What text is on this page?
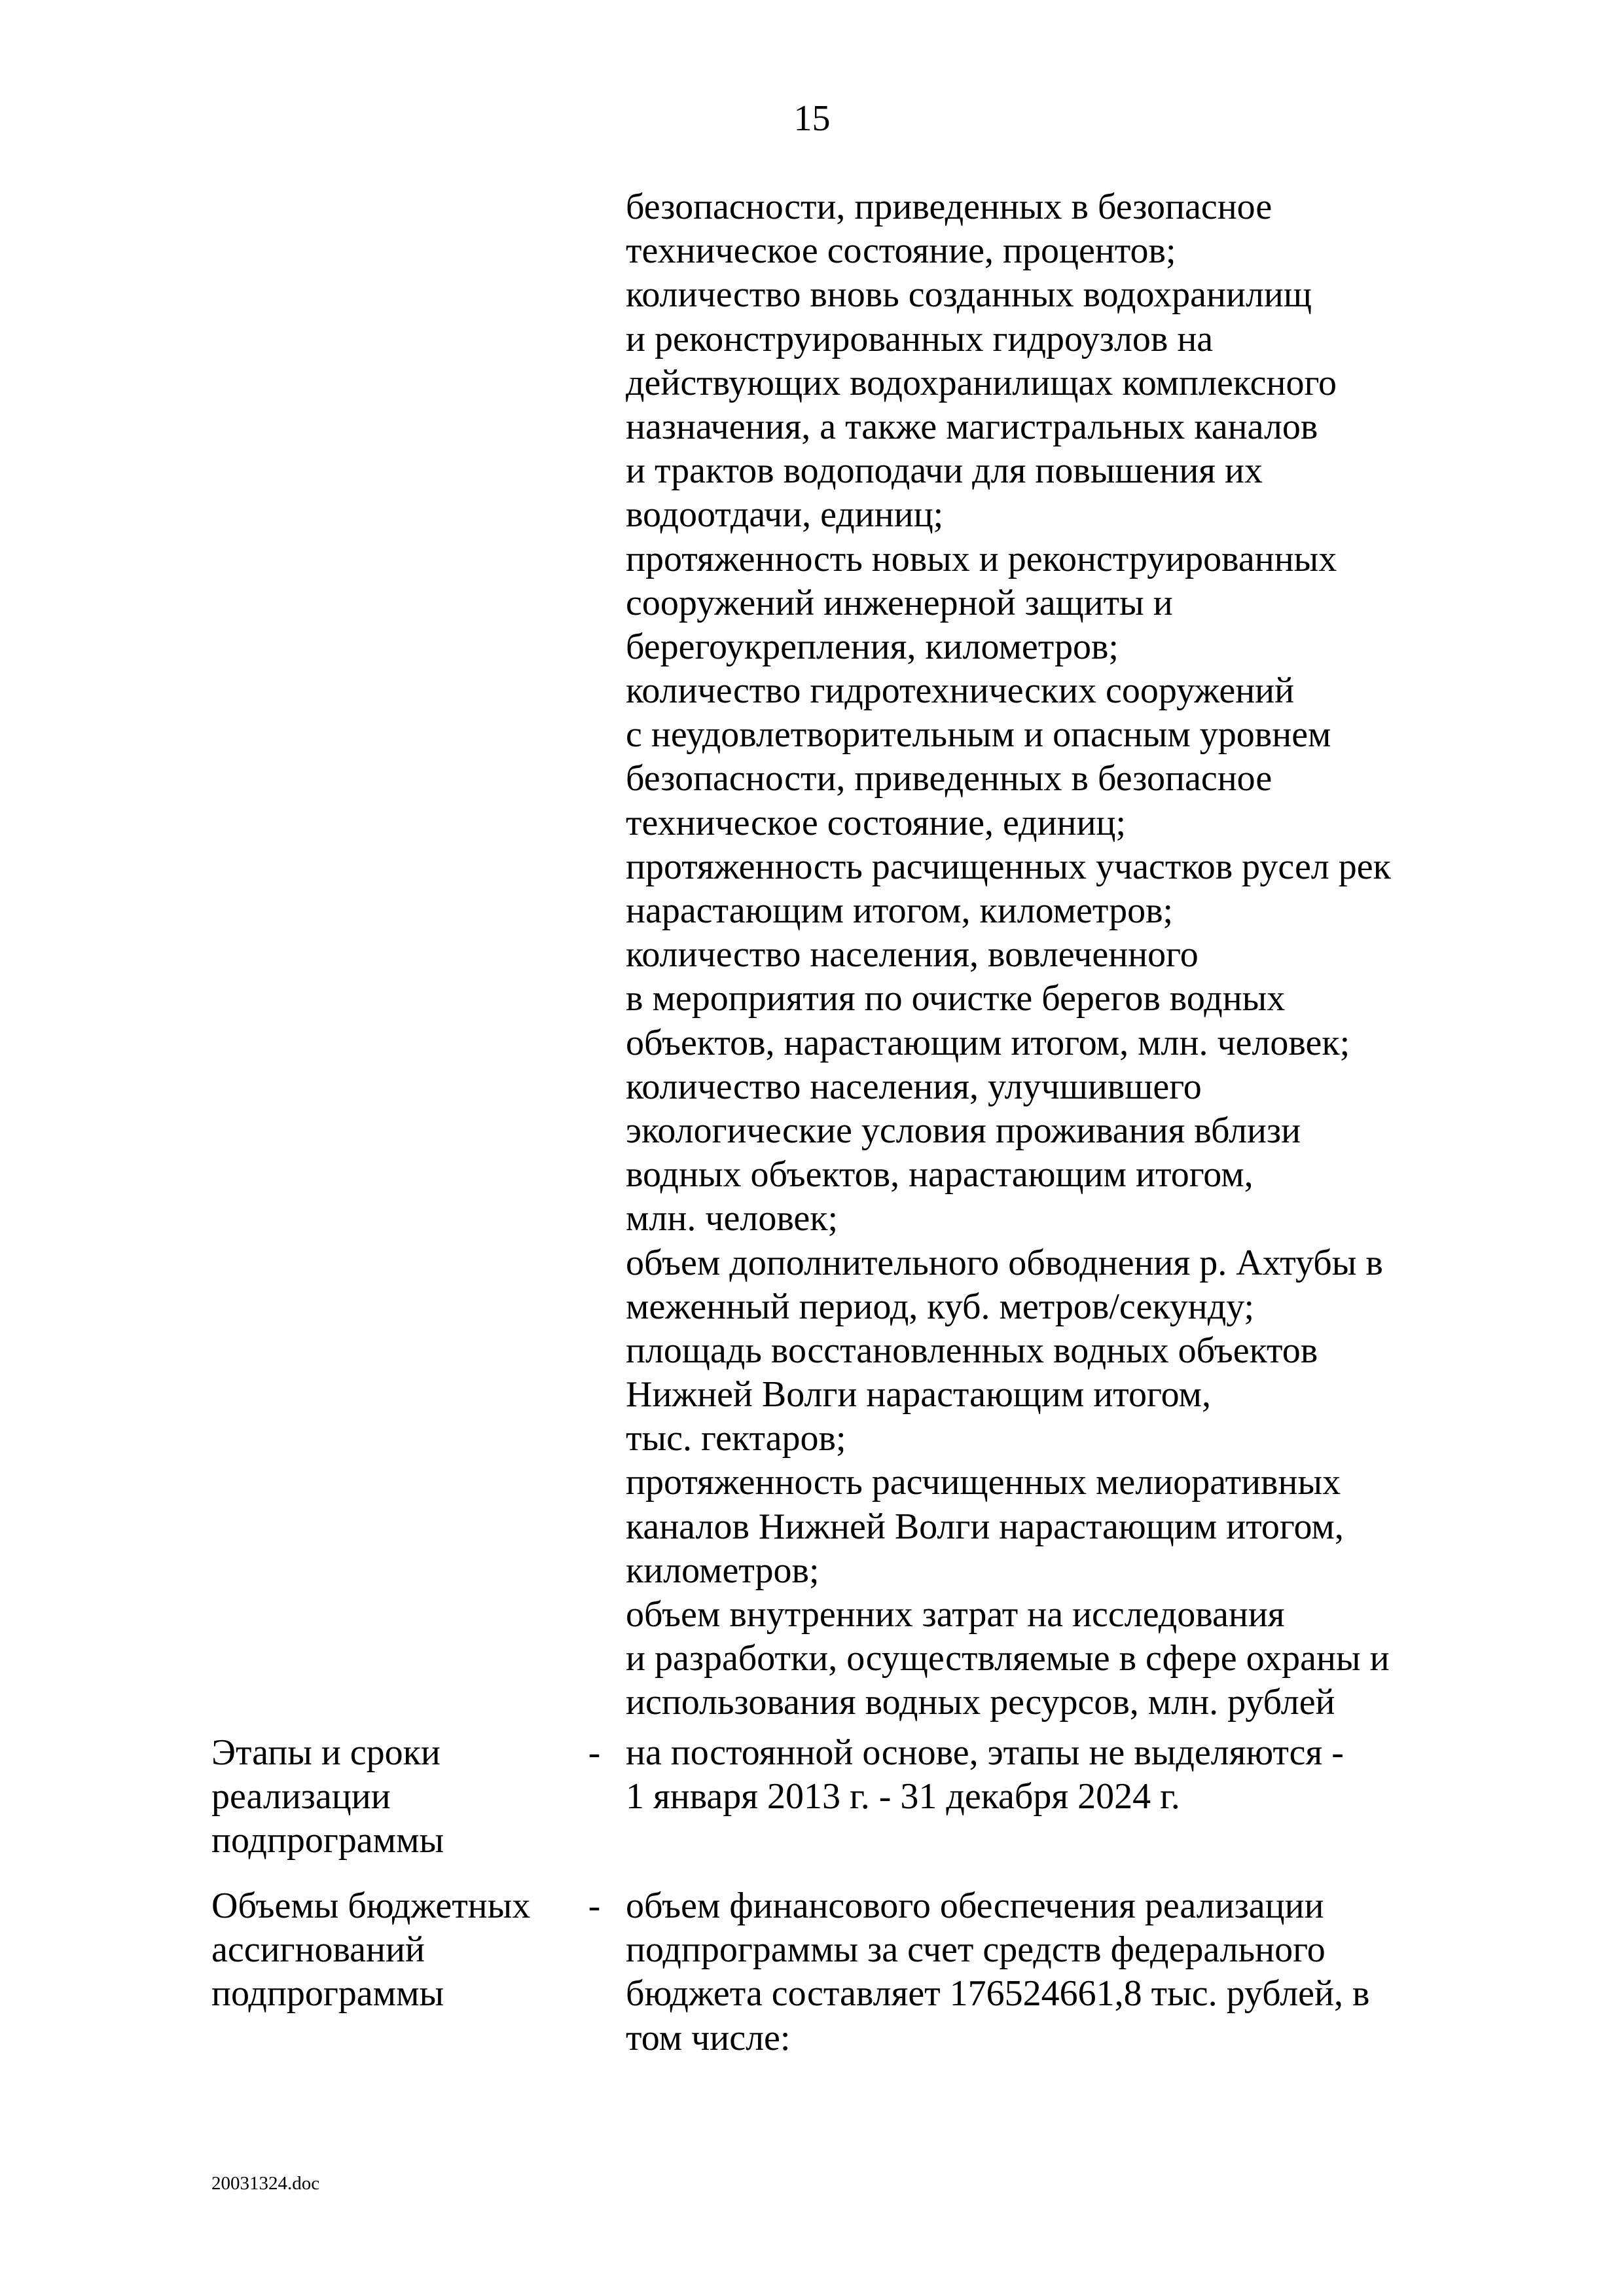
15
безопасности, приведенных в безопасное
техническое состояние, процентов;
количество вновь созданных водохранилищ
и реконструированных гидроузлов на
действующих водохранилищах комплексного
назначения, а также магистральных каналов
и трактов водоподачи для повышения их
водоотдачи, единиц;
протяженность новых и реконструированных
сооружений инженерной защиты и
берегоукрепления, километров;
количество гидротехнических сооружений
с неудовлетворительным и опасным уровнем
безопасности, приведенных в безопасное
техническое состояние, единиц;
протяженность расчищенных участков русел рек
нарастающим итогом, километров;
количество населения, вовлеченного
в мероприятия по очистке берегов водных
объектов, нарастающим итогом, млн. человек;
количество населения, улучшившего
экологические условия проживания вблизи
водных объектов, нарастающим итогом,
млн. человек;
объем дополнительного обводнения р. Ахтубы в
меженный период, куб. метров/секунду;
площадь восстановленных водных объектов
Нижней Волги нарастающим итогом,
тыс. гектаров;
протяженность расчищенных мелиоративных
каналов Нижней Волги нарастающим итогом,
километров;
объем внутренних затрат на исследования
и разработки, осуществляемые в сфере охраны и
использования водных ресурсов, млн. рублей
Этапы и сроки
реализации
подпрограммы
- на постоянной основе, этапы не выделяются -
1 января 2013 г. - 31 декабря 2024 г.
Объемы бюджетных
ассигнований
подпрограммы
- объем финансового обеспечения реализации
подпрограммы за счет средств федерального
бюджета составляет 176524661,8 тыс. рублей, в
том числе:
20031324.doc
